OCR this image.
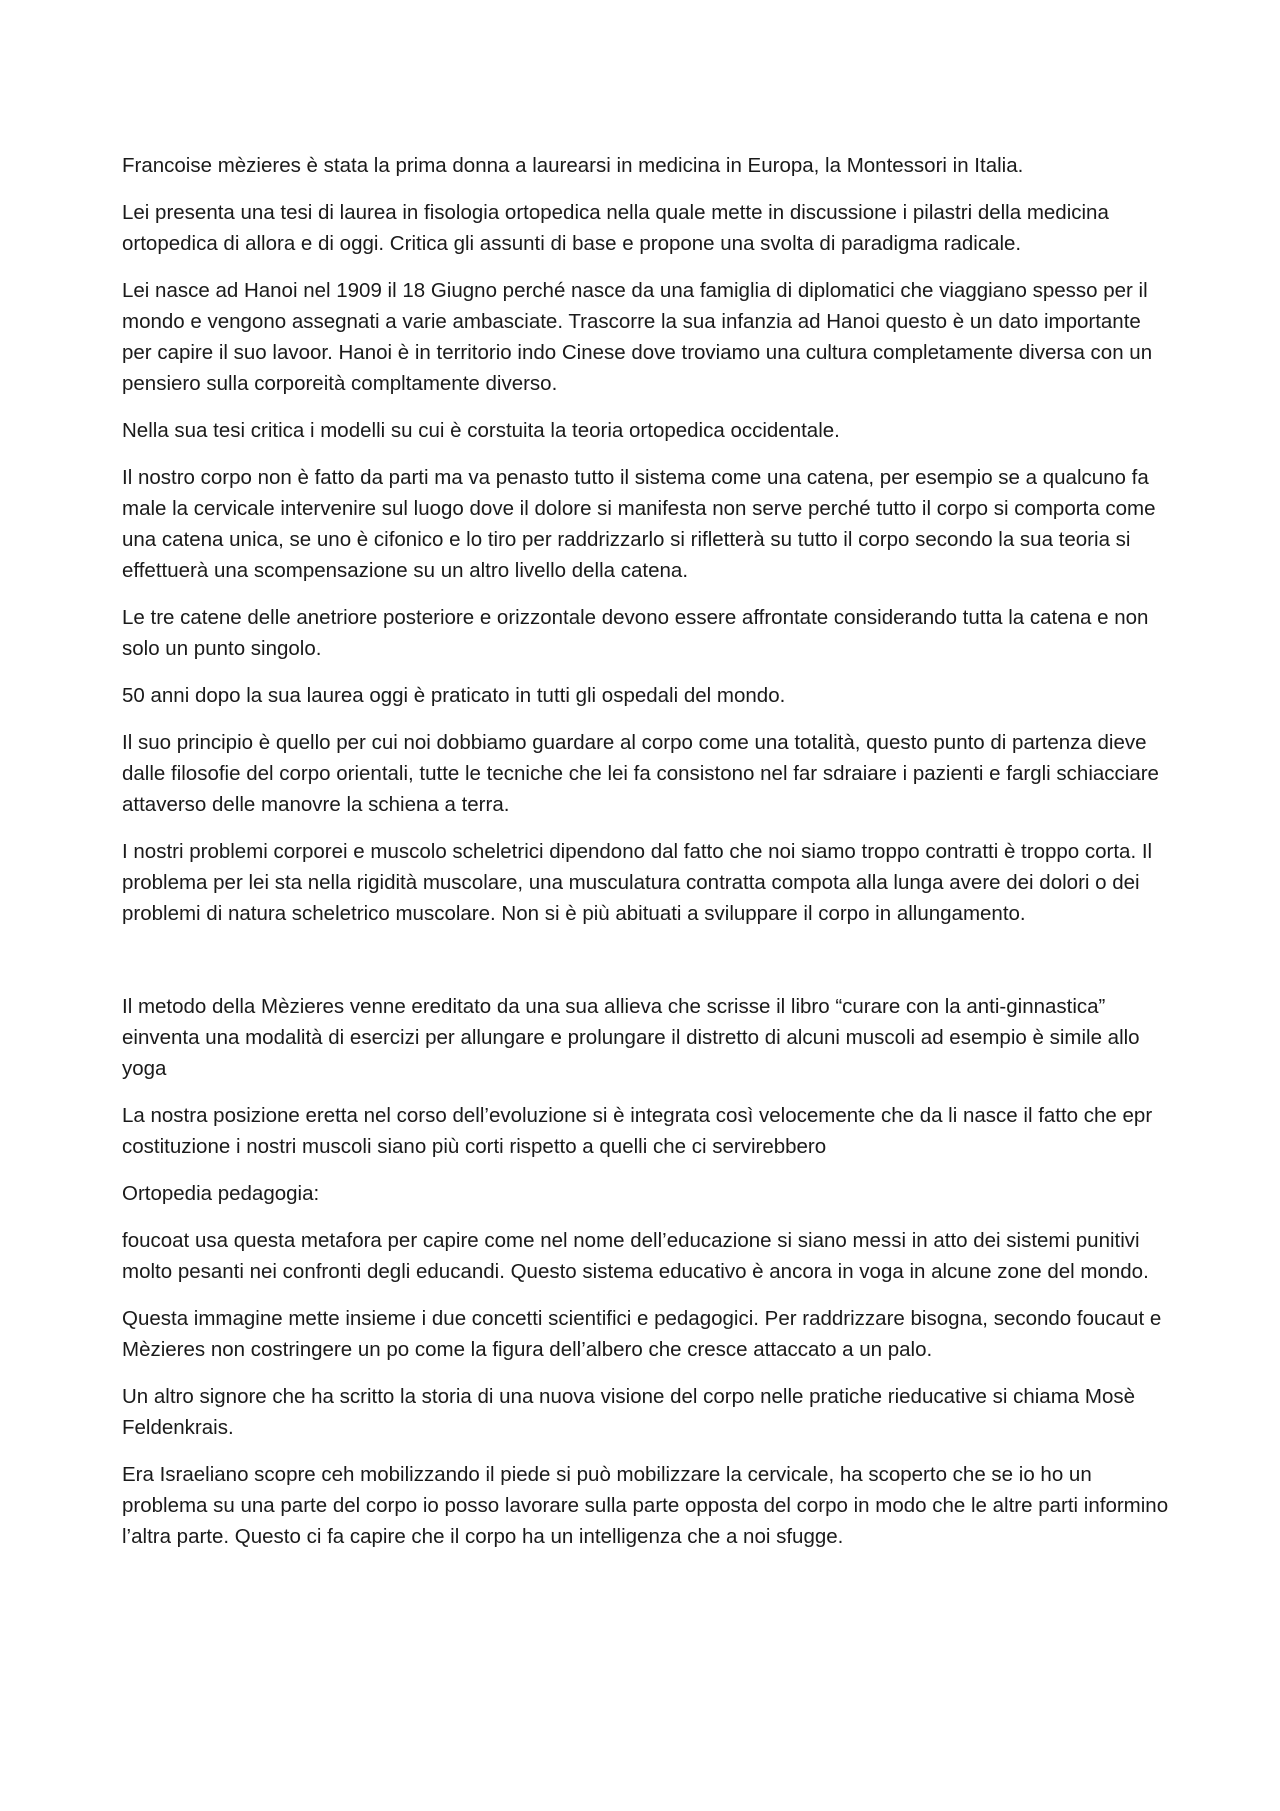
Francoise mèzieres è stata la prima donna a laurearsi in medicina in Europa, la Montessori in Italia.

Lei presenta una tesi di laurea in fisologia ortopedica nella quale mette in discussione i pilastri della medicina ortopedica di allora e di oggi. Critica gli assunti di base e propone una svolta di paradigma radicale.

Lei nasce ad Hanoi nel 1909 il 18 Giugno perché nasce da una famiglia di diplomatici che viaggiano spesso per il mondo e vengono assegnati a varie ambasciate. Trascorre la sua infanzia ad Hanoi questo è un dato importante per capire il suo lavoor. Hanoi è in territorio indo Cinese dove troviamo una cultura completamente diversa con un pensiero sulla corporeità compltamente diverso.

Nella sua tesi critica i modelli su cui è corstuita la teoria ortopedica occidentale.

Il nostro corpo non è fatto da parti ma va penasto tutto il sistema come una catena, per esempio se a qualcuno fa male la cervicale intervenire sul luogo dove il dolore si manifesta non serve perché tutto il corpo si comporta come una catena unica, se uno è cifonico e lo tiro per raddrizzarlo si rifletterà su tutto il corpo secondo la sua teoria si effettuerà una scompensazione su un altro livello della catena.

Le tre catene delle anetriore posteriore e orizzontale devono essere affrontate considerando tutta la catena e non solo un punto singolo.

50 anni dopo la sua laurea oggi è praticato in tutti gli ospedali del mondo.

Il suo principio è quello per cui noi dobbiamo guardare al corpo come una totalità, questo punto di partenza dieve dalle filosofie del corpo orientali, tutte le tecniche che lei fa consistono nel far sdraiare i pazienti e fargli schiacciare attaverso delle manovre la schiena a terra.

I nostri problemi corporei e muscolo scheletrici dipendono dal fatto che noi siamo troppo contratti è troppo corta. Il problema per lei sta nella rigidità muscolare, una musculatura contratta compota alla lunga avere dei dolori o dei problemi di natura scheletrico muscolare. Non si è più abituati a sviluppare il corpo in allungamento.

Il metodo della Mèzieres venne ereditato da una sua allieva che scrisse il libro “curare con la anti-ginnastica” einventa una modalità di esercizi per allungare e prolungare il distretto di alcuni muscoli ad esempio è simile allo yoga

La nostra posizione eretta nel corso dell’evoluzione si è integrata così velocemente che da li nasce il fatto che epr costituzione i nostri muscoli siano più corti rispetto a quelli che ci servirebbero

Ortopedia pedagogia:

foucoat usa questa metafora per capire come nel nome dell’educazione si siano messi in atto dei sistemi punitivi molto pesanti nei confronti degli educandi. Questo sistema educativo è ancora in voga in alcune zone del mondo.

Questa immagine mette insieme i due concetti scientifici e pedagogici. Per raddrizzare bisogna, secondo foucaut e Mèzieres non costringere un po come la figura dell’albero che cresce attaccato a un palo.

Un altro signore che ha scritto la storia di una nuova visione del corpo nelle pratiche rieducative si chiama Mosè Feldenkrais.

Era Israeliano scopre ceh mobilizzando il piede si può mobilizzare la cervicale, ha scoperto che se io ho un problema su una parte del corpo io posso lavorare sulla parte opposta del corpo in modo che le altre parti informino l’altra parte. Questo ci fa capire che il corpo ha un intelligenza che a noi sfugge.
